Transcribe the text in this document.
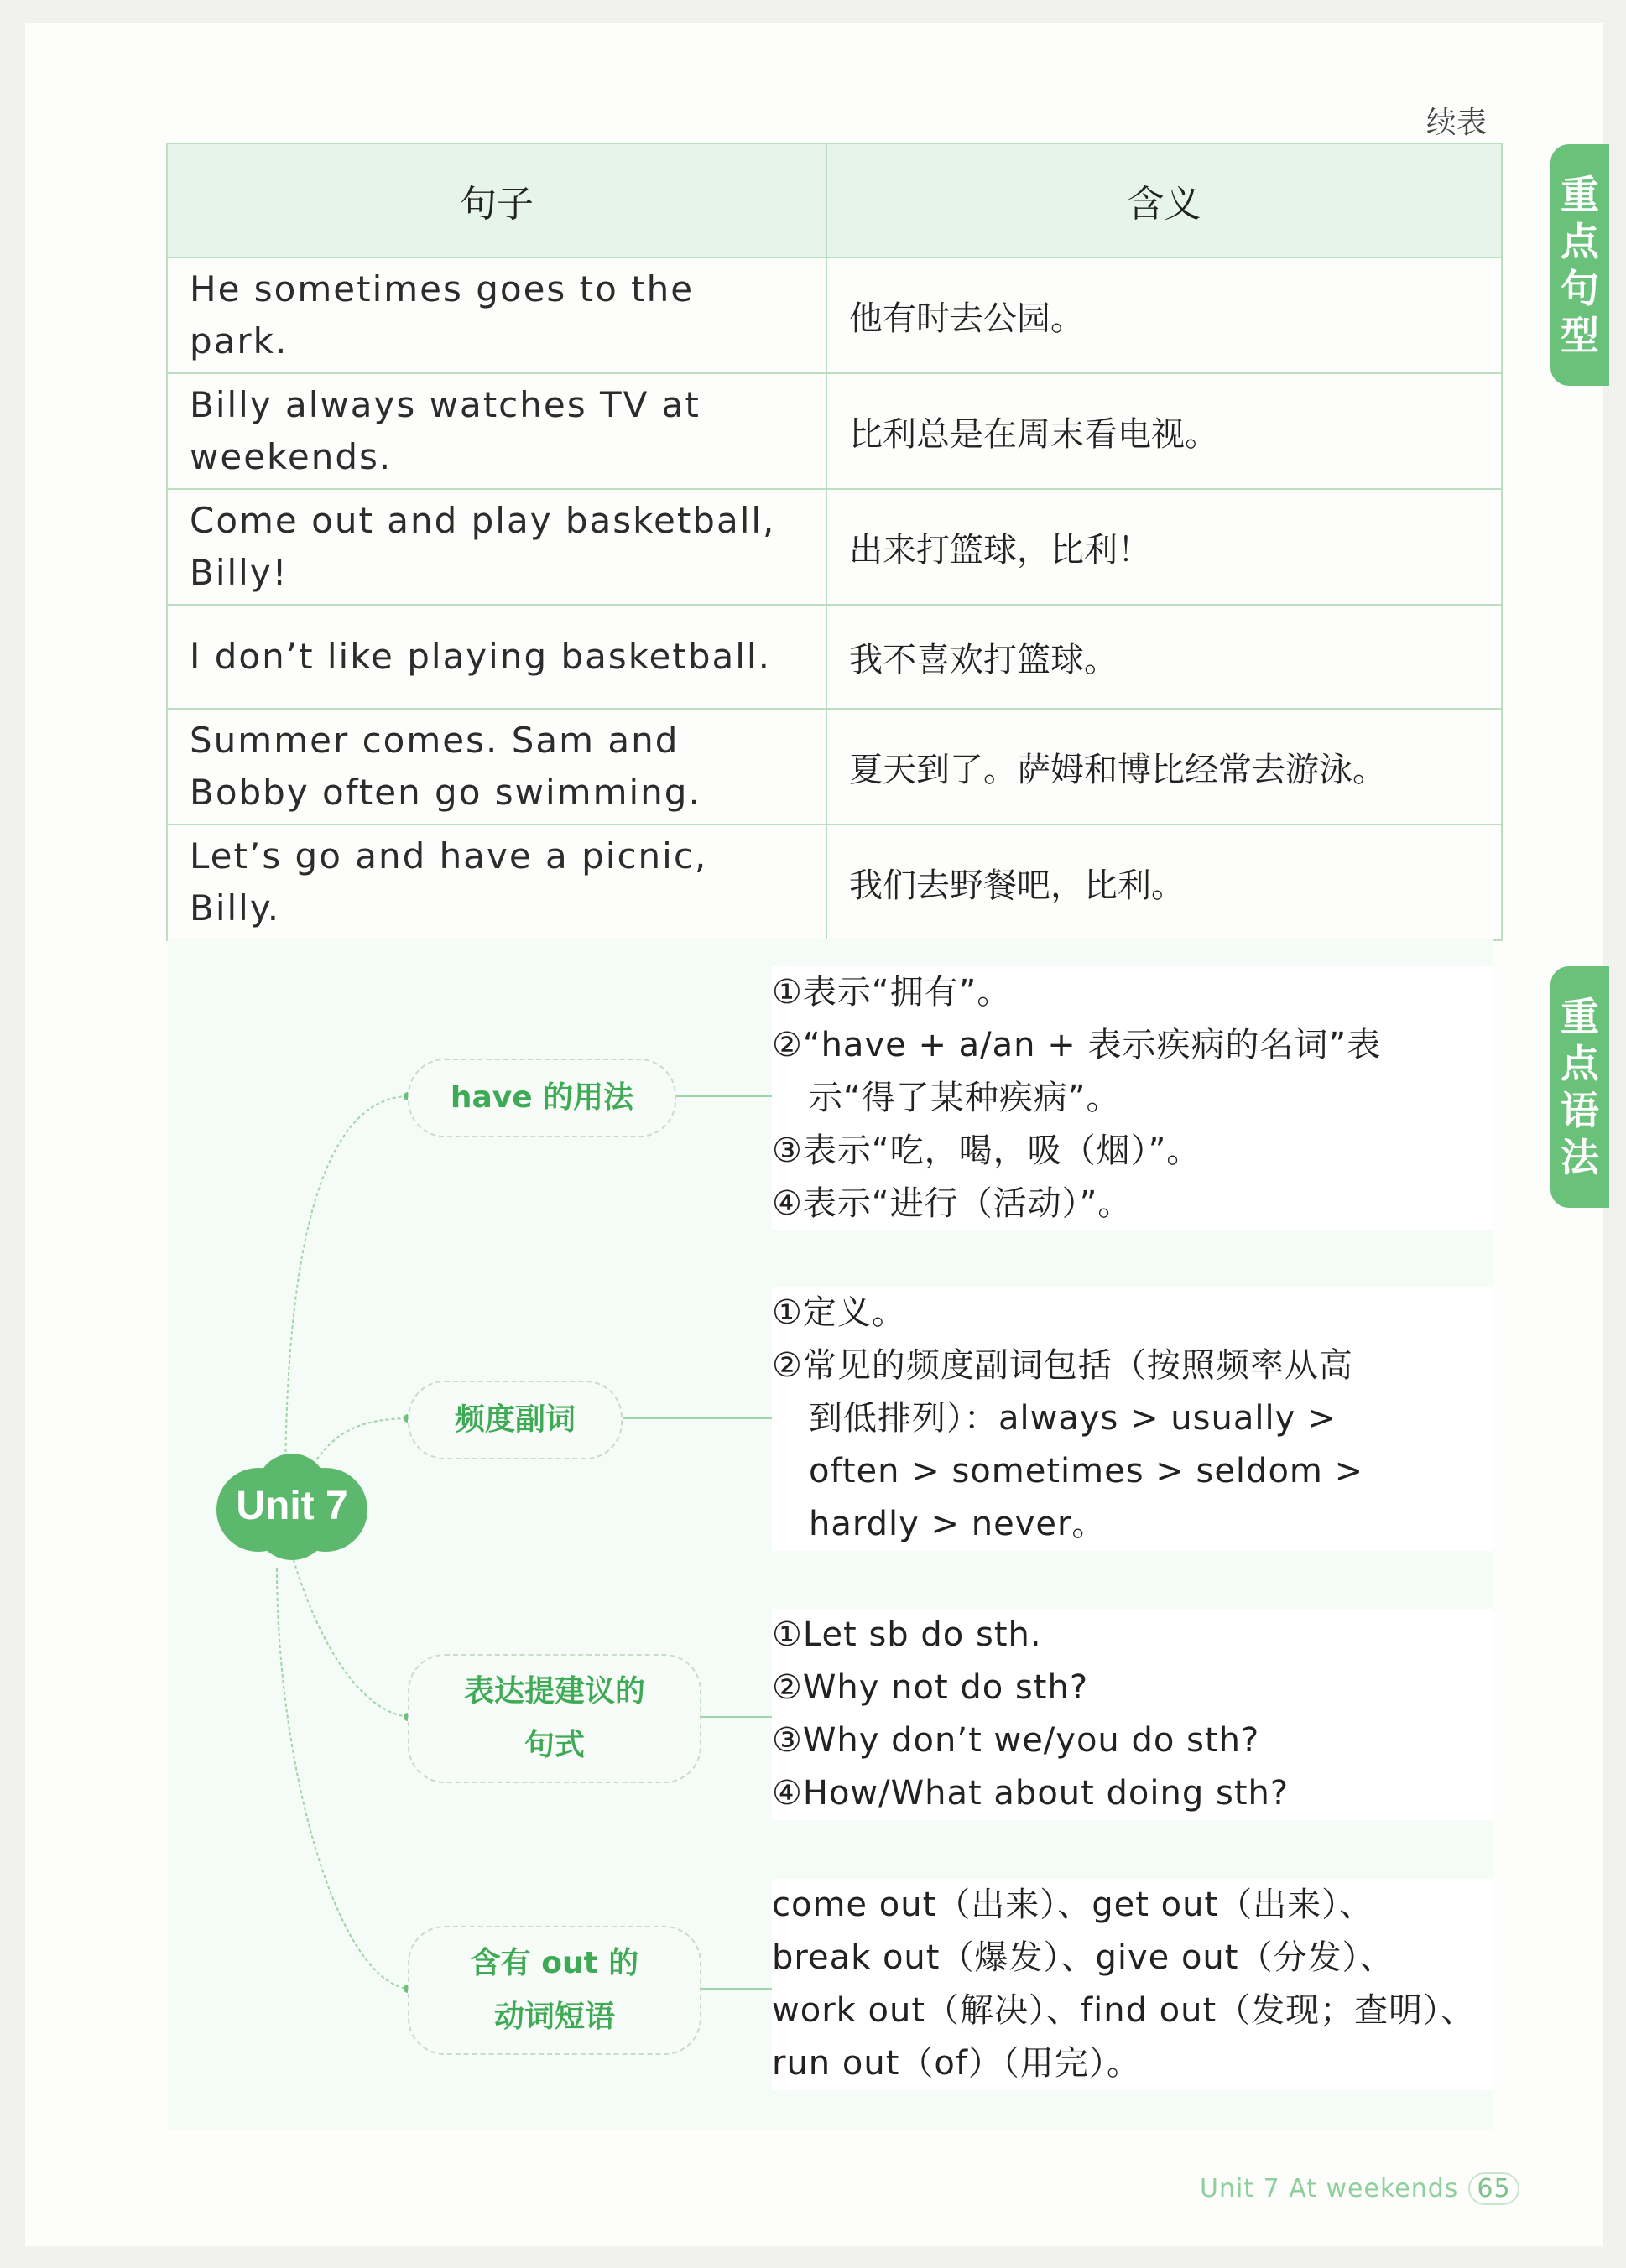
续表
重
点
句
型
重
点
语
法
句子	含义
He sometimes goes to the park.	他有时去公园。
Billy always watches TV at weekends.	比利总是在周末看电视。
Come out and play basketball, Billy!	出来打篮球，比利！
I don’t like playing basketball.	我不喜欢打篮球。
Summer comes. Sam and Bobby often go swimming.	夏天到了。萨姆和博比经常去游泳。
Let’s go and have a picnic, Billy.	我们去野餐吧，比利。
Unit 7
have 的用法
频度副词
表达提建议的
句式
含有 out 的
动词短语
①表示“拥有”。
②“have + a/an + 表示疾病的名词”表
示“得了某种疾病”。
③表示“吃，喝，吸（烟）”。
④表示“进行（活动）”。
①定义。
②常见的频度副词包括（按照频率从高
到低排列）：always > usually >
often > sometimes > seldom >
hardly > never。
①Let sb do sth.
②Why not do sth?
③Why don’t we/you do sth?
④How/What about doing sth?
come out（出来）、get out（出来）、
break out（爆发）、give out（分发）、
work out（解决）、find out（发现；查明）、
run out（of）（用完）。
Unit 7 At weekends 65
